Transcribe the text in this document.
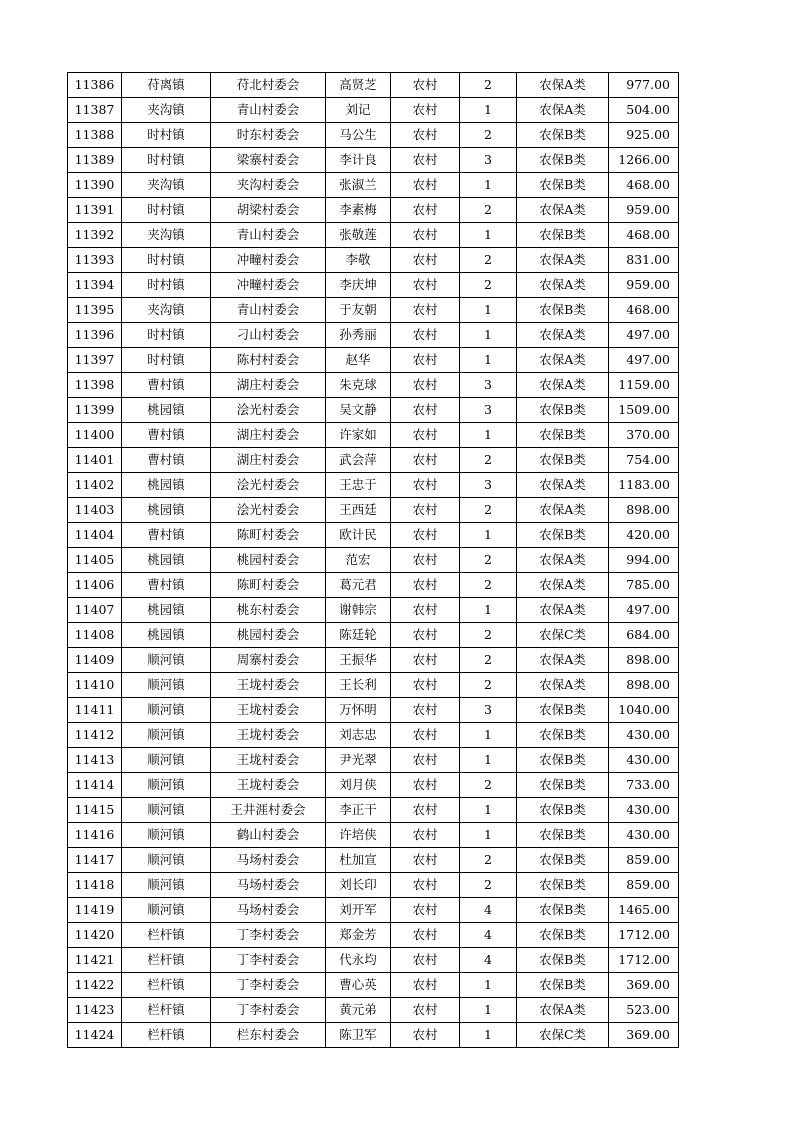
11386	苻离镇	苻北村委会	高贤芝	农村	2	农保A类	977.00
11387	夹沟镇	青山村委会	刘记	农村	1	农保A类	504.00
11388	时村镇	时东村委会	马公生	农村	2	农保B类	925.00
11389	时村镇	梁寨村委会	李计良	农村	3	农保B类	1266.00
11390	夹沟镇	夹沟村委会	张淑兰	农村	1	农保B类	468.00
11391	时村镇	胡梁村委会	李素梅	农村	2	农保A类	959.00
11392	夹沟镇	青山村委会	张敬莲	农村	1	农保B类	468.00
11393	时村镇	冲疃村委会	李敬	农村	2	农保A类	831.00
11394	时村镇	冲疃村委会	李庆坤	农村	2	农保A类	959.00
11395	夹沟镇	青山村委会	于友朝	农村	1	农保B类	468.00
11396	时村镇	刁山村委会	孙秀丽	农村	1	农保A类	497.00
11397	时村镇	陈村村委会	赵华	农村	1	农保A类	497.00
11398	曹村镇	湖庄村委会	朱克球	农村	3	农保A类	1159.00
11399	桃园镇	浍光村委会	吴文静	农村	3	农保B类	1509.00
11400	曹村镇	湖庄村委会	许家如	农村	1	农保B类	370.00
11401	曹村镇	湖庄村委会	武会萍	农村	2	农保B类	754.00
11402	桃园镇	浍光村委会	王忠于	农村	3	农保A类	1183.00
11403	桃园镇	浍光村委会	王西廷	农村	2	农保A类	898.00
11404	曹村镇	陈町村委会	欧计民	农村	1	农保B类	420.00
11405	桃园镇	桃园村委会	范宏	农村	2	农保A类	994.00
11406	曹村镇	陈町村委会	葛元君	农村	2	农保A类	785.00
11407	桃园镇	桃东村委会	谢韩宗	农村	1	农保A类	497.00
11408	桃园镇	桃园村委会	陈廷轮	农村	2	农保C类	684.00
11409	顺河镇	周寨村委会	王振华	农村	2	农保A类	898.00
11410	顺河镇	王垅村委会	王长利	农村	2	农保A类	898.00
11411	顺河镇	王垅村委会	万怀明	农村	3	农保B类	1040.00
11412	顺河镇	王垅村委会	刘志忠	农村	1	农保B类	430.00
11413	顺河镇	王垅村委会	尹光翠	农村	1	农保B类	430.00
11414	顺河镇	王垅村委会	刘月侠	农村	2	农保B类	733.00
11415	顺河镇	王井涯村委会	李正干	农村	1	农保B类	430.00
11416	顺河镇	鹤山村委会	许培侠	农村	1	农保B类	430.00
11417	顺河镇	马场村委会	杜加宣	农村	2	农保B类	859.00
11418	顺河镇	马场村委会	刘长印	农村	2	农保B类	859.00
11419	顺河镇	马场村委会	刘开军	农村	4	农保B类	1465.00
11420	栏杆镇	丁李村委会	郑金芳	农村	4	农保B类	1712.00
11421	栏杆镇	丁李村委会	代永均	农村	4	农保B类	1712.00
11422	栏杆镇	丁李村委会	曹心英	农村	1	农保B类	369.00
11423	栏杆镇	丁李村委会	黄元弟	农村	1	农保A类	523.00
11424	栏杆镇	栏东村委会	陈卫军	农村	1	农保C类	369.00
